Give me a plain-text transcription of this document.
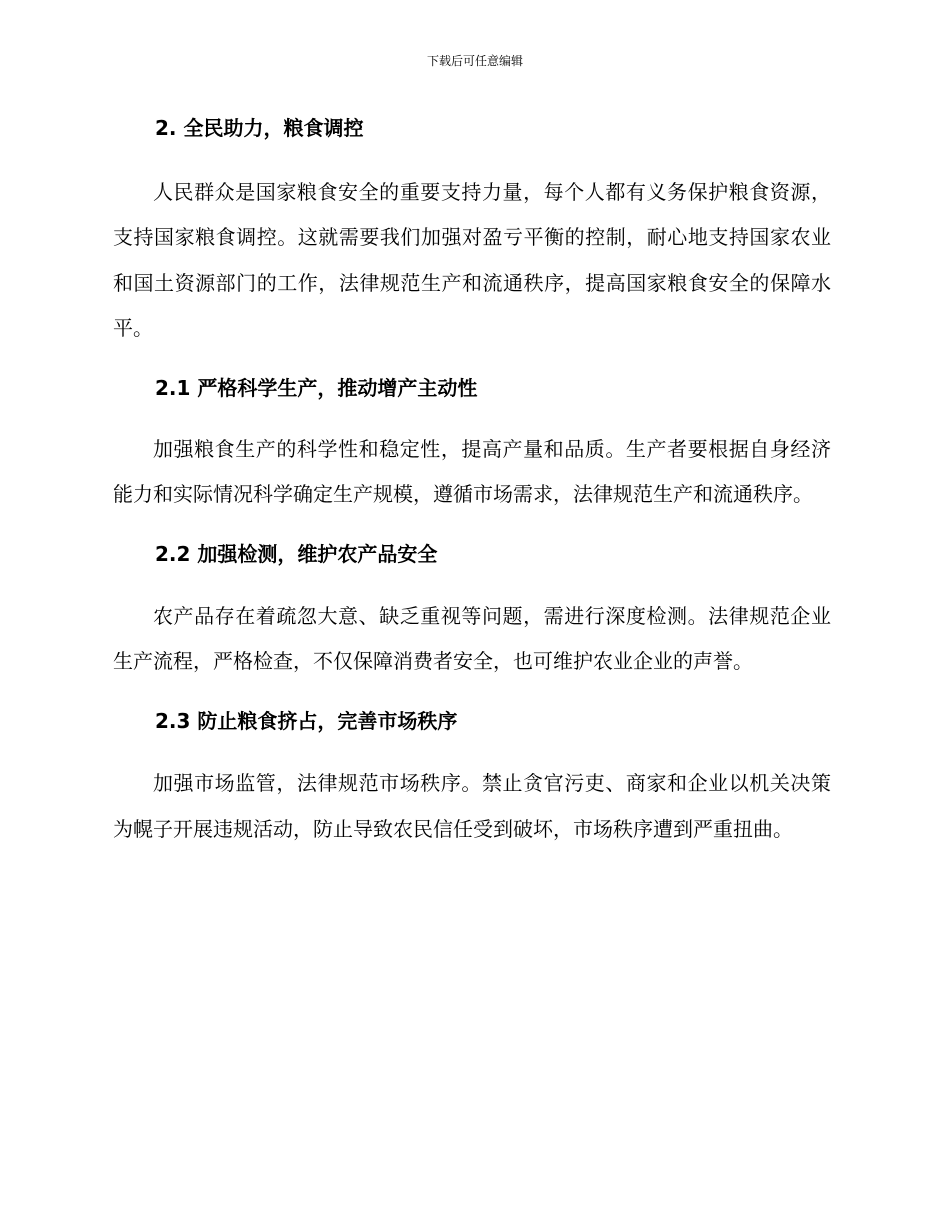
下载后可任意编辑
2. 全民助力，粮食调控

人民群众是国家粮食安全的重要支持力量，每个人都有义务保护粮食资源，支持国家粮食调控。这就需要我们加强对盈亏平衡的控制，耐心地支持国家农业和国土资源部门的工作，法律规范生产和流通秩序，提高国家粮食安全的保障水平。

2.1 严格科学生产，推动增产主动性

加强粮食生产的科学性和稳定性，提高产量和品质。生产者要根据自身经济能力和实际情况科学确定生产规模，遵循市场需求，法律规范生产和流通秩序。

2.2 加强检测，维护农产品安全

农产品存在着疏忽大意、缺乏重视等问题，需进行深度检测。法律规范企业生产流程，严格检查，不仅保障消费者安全，也可维护农业企业的声誉。

2.3 防止粮食挤占，完善市场秩序

加强市场监管，法律规范市场秩序。禁止贪官污吏、商家和企业以机关决策为幌子开展违规活动，防止导致农民信任受到破坏，市场秩序遭到严重扭曲。
